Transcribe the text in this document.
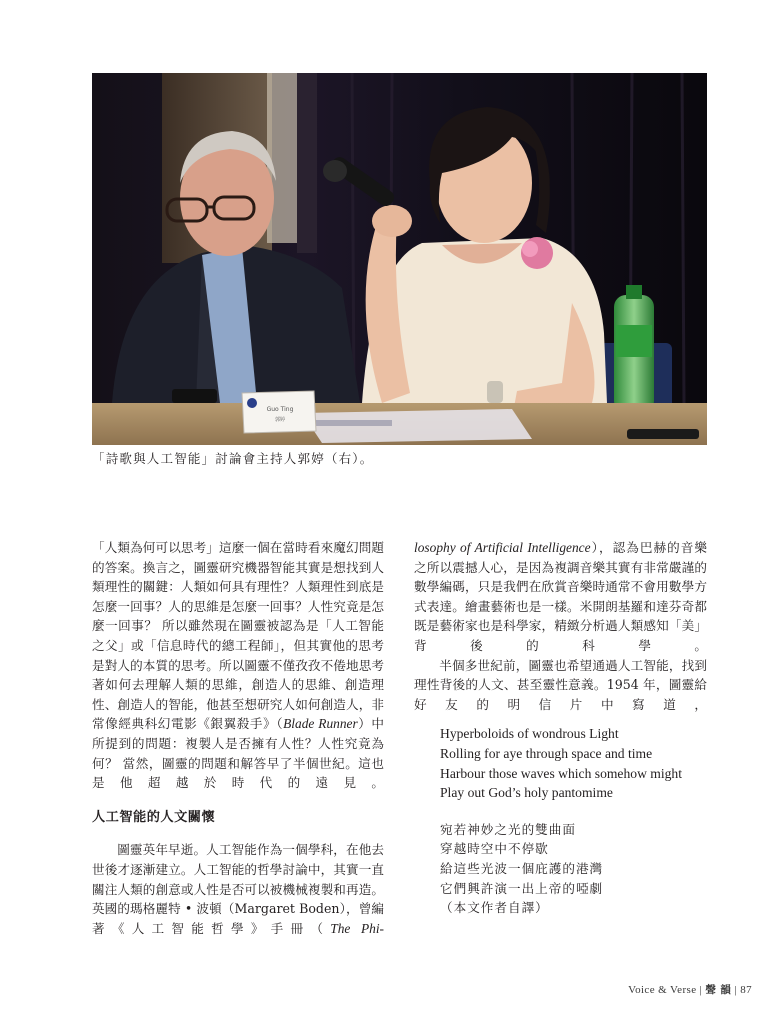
Guo Ting
郭婷
「詩歌與人工智能」討論會主持人郭婷（右）。

「人類為何可以思考」這麼一個在當時看來魔幻問題的答案。換言之，圖靈研究機器智能其實是想找到人類理性的關鍵：人類如何具有理性？人類理性到底是怎麼一回事？人的思維是怎麼一回事？人性究竟是怎麼一回事？ 所以雖然現在圖靈被認為是「人工智能之父」或「信息時代的總工程師」，但其實他的思考是對人的本質的思考。所以圖靈不僅孜孜不倦地思考著如何去理解人類的思維，創造人的思維、創造理性、創造人的智能，他甚至想研究人如何創造人，非常像經典科幻電影《銀翼殺手》（Blade Runner）中所提到的問題：複製人是否擁有人性？人性究竟為何？ 當然，圖靈的問題和解答早了半個世紀。這也是他超越於時代的遠見。

人工智能的人文關懷

圖靈英年早逝。人工智能作為一個學科，在他去世後才逐漸建立。人工智能的哲學討論中，其實一直關注人類的創意或人性是否可以被機械複製和再造。英國的瑪格麗特 • 波頓（Margaret Boden），曾編著《人工智能哲學》手冊（The Phi-

losophy of Artificial Intelligence），認為巴赫的音樂之所以震撼人心，是因為複調音樂其實有非常嚴謹的數學編碼，只是我們在欣賞音樂時通常不會用數學方式表達。繪畫藝術也是一樣。米開朗基羅和達芬奇都既是藝術家也是科學家，精緻分析過人類感知「美」背後的科學。

半個多世紀前，圖靈也希望通過人工智能，找到理性背後的人文、甚至靈性意義。1954 年，圖靈給好友的明信片中寫道，

Hyperboloids of wondrous Light
Rolling for aye through space and time
Harbour those waves which somehow might
Play out God’s holy pantomime
宛若神妙之光的雙曲面
穿越時空中不停歇
給這些光波一個庇護的港灣
它們興許演一出上帝的啞劇
（本文作者自譯）
Voice & Verse | 聲 韻 | 87
